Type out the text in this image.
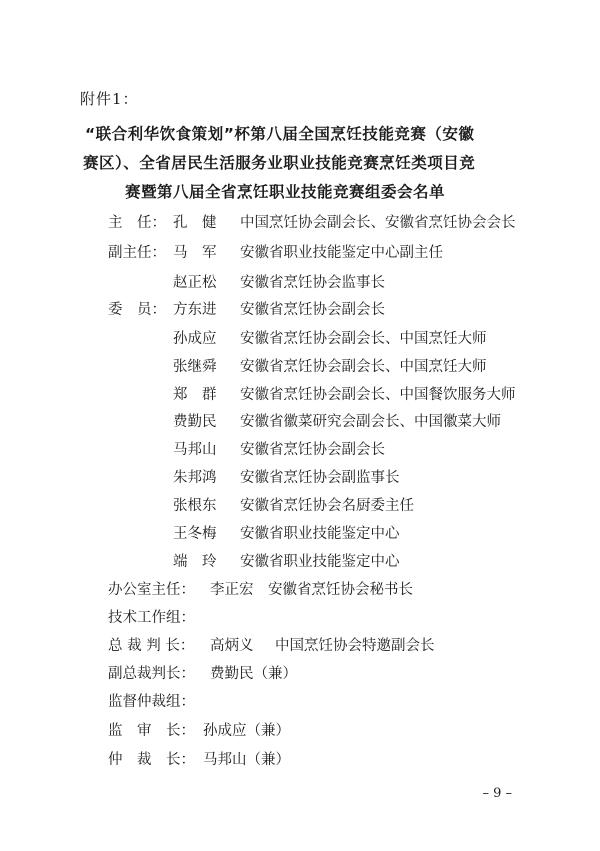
附件1：
“联合利华饮食策划”杯第八届全国烹饪技能竞赛（安徽
赛区）、全省居民生活服务业职业技能竞赛烹饪类项目竞
赛暨第八届全省烹饪职业技能竞赛组委会名单
主　任： 孔　健 中国烹饪协会副会长、安徽省烹饪协会会长
副主任： 马　军 安徽省职业技能鉴定中心副主任
赵正松 安徽省烹饪协会监事长
委　员： 方东进 安徽省烹饪协会副会长
孙成应 安徽省烹饪协会副会长、中国烹饪大师
张继舜 安徽省烹饪协会副会长、中国烹饪大师
郑　群 安徽省烹饪协会副会长、中国餐饮服务大师
费勤民 安徽省徽菜研究会副会长、中国徽菜大师
马邦山 安徽省烹饪协会副会长
朱邦鸿 安徽省烹饪协会副监事长
张根东 安徽省烹饪协会名厨委主任
王冬梅 安徽省职业技能鉴定中心
端　玲 安徽省职业技能鉴定中心
办公室主任： 李正宏 安徽省烹饪协会秘书长
技术工作组：
总 裁 判 长： 高炳义 中国烹饪协会特邀副会长
副总裁判长： 费勤民（兼）
监督仲裁组：
监　审　长： 孙成应（兼）
仲　裁　长： 马邦山（兼）
– 9 –
